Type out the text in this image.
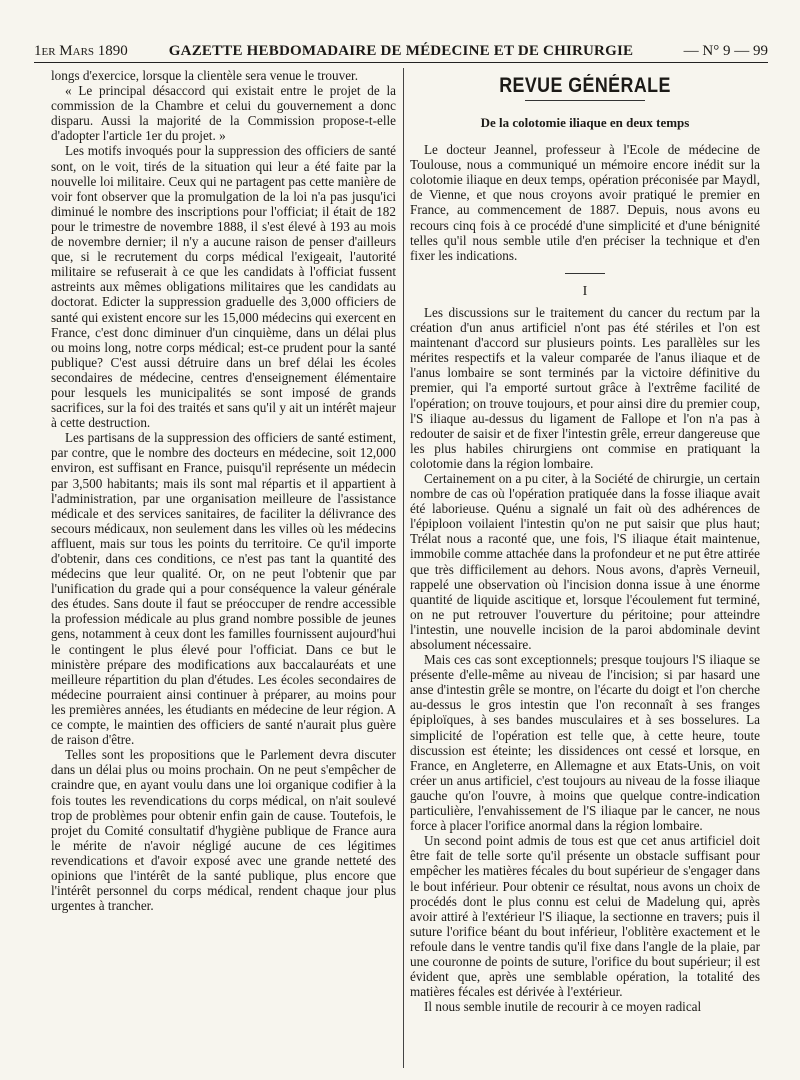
1er Mars 1890	GAZETTE HEBDOMADAIRE DE MÉDECINE ET DE CHIRURGIE	— N° 9 — 99

longs d'exercice, lorsque la clientèle sera venue le trouver.

« Le principal désaccord qui existait entre le projet de la commission de la Chambre et celui du gouvernement a donc disparu. Aussi la majorité de la Commission propose-t-elle d'adopter l'article 1er du projet. »

Les motifs invoqués pour la suppression des officiers de santé sont, on le voit, tirés de la situation qui leur a été faite par la nouvelle loi militaire. Ceux qui ne partagent pas cette manière de voir font observer que la promulgation de la loi n'a pas jusqu'ici diminué le nombre des inscriptions pour l'officiat; il était de 182 pour le trimestre de novembre 1888, il s'est élevé à 193 au mois de novembre dernier; il n'y a aucune raison de penser d'ailleurs que, si le recrutement du corps médical l'exigeait, l'autorité militaire se refuserait à ce que les candidats à l'officiat fussent astreints aux mêmes obligations militaires que les candidats au doctorat. Edicter la suppression graduelle des 3,000 officiers de santé qui existent encore sur les 15,000 médecins qui exercent en France, c'est donc diminuer d'un cinquième, dans un délai plus ou moins long, notre corps médical; est-ce prudent pour la santé publique? C'est aussi détruire dans un bref délai les écoles secondaires de médecine, centres d'enseignement élémentaire pour lesquels les municipalités se sont imposé de grands sacrifices, sur la foi des traités et sans qu'il y ait un intérêt majeur à cette destruction.

Les partisans de la suppression des officiers de santé estiment, par contre, que le nombre des docteurs en médecine, soit 12,000 environ, est suffisant en France, puisqu'il représente un médecin par 3,500 habitants; mais ils sont mal répartis et il appartient à l'administration, par une organisation meilleure de l'assistance médicale et des services sanitaires, de faciliter la délivrance des secours médicaux, non seulement dans les villes où les médecins affluent, mais sur tous les points du territoire. Ce qu'il importe d'obtenir, dans ces conditions, ce n'est pas tant la quantité des médecins que leur qualité. Or, on ne peut l'obtenir que par l'unification du grade qui a pour conséquence la valeur générale des études. Sans doute il faut se préoccuper de rendre accessible la profession médicale au plus grand nombre possible de jeunes gens, notamment à ceux dont les familles fournissent aujourd'hui le contingent le plus élevé pour l'officiat. Dans ce but le ministère prépare des modifications aux baccalauréats et une meilleure répartition du plan d'études. Les écoles secondaires de médecine pourraient ainsi continuer à préparer, au moins pour les premières années, les étudiants en médecine de leur région. A ce compte, le maintien des officiers de santé n'aurait plus guère de raison d'être.

Telles sont les propositions que le Parlement devra discuter dans un délai plus ou moins prochain. On ne peut s'empêcher de craindre que, en ayant voulu dans une loi organique codifier à la fois toutes les revendications du corps médical, on n'ait soulevé trop de problèmes pour obtenir enfin gain de cause. Toutefois, le projet du Comité consultatif d'hygiène publique de France aura le mérite de n'avoir négligé aucune de ces légitimes revendications et d'avoir exposé avec une grande netteté des opinions que l'intérêt de la santé publique, plus encore que l'intérêt personnel du corps médical, rendent chaque jour plus urgentes à trancher.

REVUE GÉNÉRALE
De la colotomie iliaque en deux temps

Le docteur Jeannel, professeur à l'Ecole de médecine de Toulouse, nous a communiqué un mémoire encore inédit sur la colotomie iliaque en deux temps, opération préconisée par Maydl, de Vienne, et que nous croyons avoir pratiqué le premier en France, au commencement de 1887. Depuis, nous avons eu recours cinq fois à ce procédé d'une simplicité et d'une bénignité telles qu'il nous semble utile d'en préciser la technique et d'en fixer les indications.

I

Les discussions sur le traitement du cancer du rectum par la création d'un anus artificiel n'ont pas été stériles et l'on est maintenant d'accord sur plusieurs points. Les parallèles sur les mérites respectifs et la valeur comparée de l'anus iliaque et de l'anus lombaire se sont terminés par la victoire définitive du premier, qui l'a emporté surtout grâce à l'extrême facilité de l'opération; on trouve toujours, et pour ainsi dire du premier coup, l'S iliaque au-dessus du ligament de Fallope et l'on n'a pas à redouter de saisir et de fixer l'intestin grêle, erreur dangereuse que les plus habiles chirurgiens ont commise en pratiquant la colotomie dans la région lombaire.

Certainement on a pu citer, à la Société de chirurgie, un certain nombre de cas où l'opération pratiquée dans la fosse iliaque avait été laborieuse. Quénu a signalé un fait où des adhérences de l'épiploon voilaient l'intestin qu'on ne put saisir que plus haut; Trélat nous a raconté que, une fois, l'S iliaque était maintenue, immobile comme attachée dans la profondeur et ne put être attirée que très difficilement au dehors. Nous avons, d'après Verneuil, rappelé une observation où l'incision donna issue à une énorme quantité de liquide ascitique et, lorsque l'écoulement fut terminé, on ne put retrouver l'ouverture du péritoine; pour atteindre l'intestin, une nouvelle incision de la paroi abdominale devint absolument nécessaire.

Mais ces cas sont exceptionnels; presque toujours l'S iliaque se présente d'elle-même au niveau de l'incision; si par hasard une anse d'intestin grêle se montre, on l'écarte du doigt et l'on cherche au-dessus le gros intestin que l'on reconnaît à ses franges épiploïques, à ses bandes musculaires et à ses bosselures. La simplicité de l'opération est telle que, à cette heure, toute discussion est éteinte; les dissidences ont cessé et lorsque, en France, en Angleterre, en Allemagne et aux Etats-Unis, on voit créer un anus artificiel, c'est toujours au niveau de la fosse iliaque gauche qu'on l'ouvre, à moins que quelque contre-indication particulière, l'envahissement de l'S iliaque par le cancer, ne nous force à placer l'orifice anormal dans la région lombaire.

Un second point admis de tous est que cet anus artificiel doit être fait de telle sorte qu'il présente un obstacle suffisant pour empêcher les matières fécales du bout supérieur de s'engager dans le bout inférieur. Pour obtenir ce résultat, nous avons un choix de procédés dont le plus connu est celui de Madelung qui, après avoir attiré à l'extérieur l'S iliaque, la sectionne en travers; puis il suture l'orifice béant du bout inférieur, l'oblitère exactement et le refoule dans le ventre tandis qu'il fixe dans l'angle de la plaie, par une couronne de points de suture, l'orifice du bout supérieur; il est évident que, après une semblable opération, la totalité des matières fécales est dérivée à l'extérieur.

Il nous semble inutile de recourir à ce moyen radical
